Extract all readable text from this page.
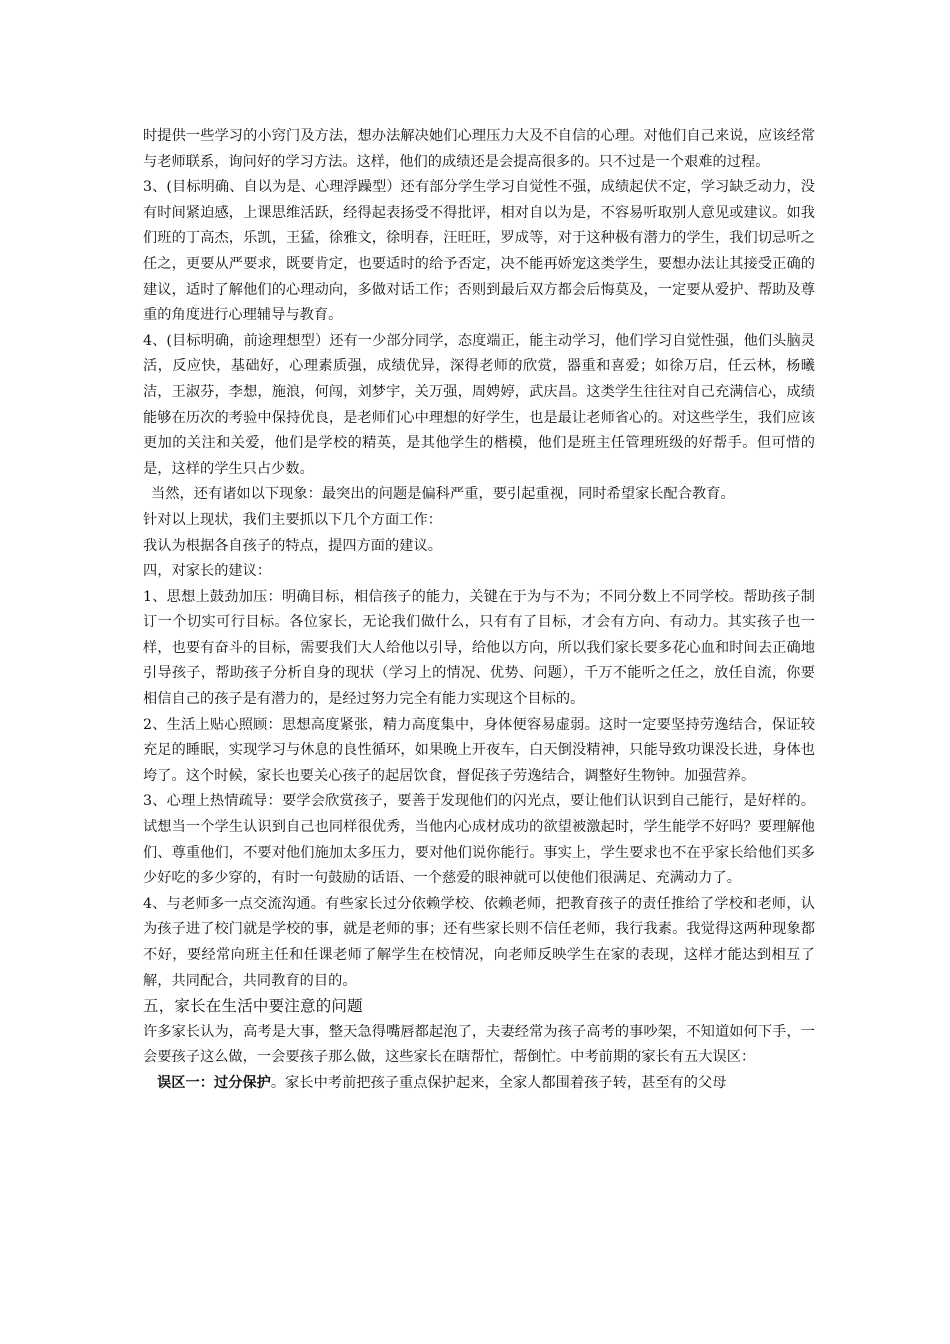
时提供一些学习的小窍门及方法，想办法解决她们心理压力大及不自信的心理。对他们自己来说，应该经常与老师联系，询问好的学习方法。这样，他们的成绩还是会提高很多的。只不过是一个艰难的过程。

3、(目标明确、自以为是、心理浮躁型）还有部分学生学习自觉性不强，成绩起伏不定，学习缺乏动力，没有时间紧迫感，上课思维活跃，经得起表扬受不得批评，相对自以为是，不容易听取别人意见或建议。如我们班的丁高杰，乐凯，王猛，徐雅文，徐明春，汪旺旺，罗成等，对于这种极有潜力的学生，我们切忌听之任之，更要从严要求，既要肯定，也要适时的给予否定，决不能再娇宠这类学生，要想办法让其接受正确的建议，适时了解他们的心理动向，多做对话工作；否则到最后双方都会后悔莫及，一定要从爱护、帮助及尊重的角度进行心理辅导与教育。

4、(目标明确，前途理想型）还有一少部分同学，态度端正，能主动学习，他们学习自觉性强，他们头脑灵活，反应快，基础好，心理素质强，成绩优异，深得老师的欣赏，器重和喜爱；如徐万启，任云林，杨曦洁，王淑芬，李想，施浪，何闯，刘梦宇，关万强，周娉婷，武庆昌。这类学生往往对自己充满信心，成绩能够在历次的考验中保持优良，是老师们心中理想的好学生，也是最让老师省心的。对这些学生，我们应该更加的关注和关爱，他们是学校的精英，是其他学生的楷模，他们是班主任管理班级的好帮手。但可惜的是，这样的学生只占少数。

当然，还有诸如以下现象：最突出的问题是偏科严重，要引起重视，同时希望家长配合教育。

针对以上现状，我们主要抓以下几个方面工作：

我认为根据各自孩子的特点，提四方面的建议。

四，对家长的建议：

1、思想上鼓劲加压：明确目标，相信孩子的能力，关键在于为与不为；不同分数上不同学校。帮助孩子制订一个切实可行目标。各位家长，无论我们做什么，只有有了目标，才会有方向、有动力。其实孩子也一样，也要有奋斗的目标，需要我们大人给他以引导，给他以方向，所以我们家长要多花心血和时间去正确地引导孩子，帮助孩子分析自身的现状（学习上的情况、优势、问题），千万不能听之任之，放任自流，你要相信自己的孩子是有潜力的，是经过努力完全有能力实现这个目标的。

2、生活上贴心照顾：思想高度紧张，精力高度集中，身体便容易虚弱。这时一定要坚持劳逸结合，保证较充足的睡眠，实现学习与休息的良性循环，如果晚上开夜车，白天倒没精神，只能导致功课没长进，身体也垮了。这个时候，家长也要关心孩子的起居饮食，督促孩子劳逸结合，调整好生物钟。加强营养。

3、心理上热情疏导：要学会欣赏孩子，要善于发现他们的闪光点，要让他们认识到自己能行，是好样的。试想当一个学生认识到自己也同样很优秀，当他内心成材成功的欲望被激起时，学生能学不好吗？要理解他们、尊重他们，不要对他们施加太多压力，要对他们说你能行。事实上，学生要求也不在乎家长给他们买多少好吃的多少穿的，有时一句鼓励的话语、一个慈爱的眼神就可以使他们很满足、充满动力了。

4、与老师多一点交流沟通。有些家长过分依赖学校、依赖老师，把教育孩子的责任推给了学校和老师，认为孩子进了校门就是学校的事，就是老师的事；还有些家长则不信任老师，我行我素。我觉得这两种现象都不好，要经常向班主任和任课老师了解学生在校情况，向老师反映学生在家的表现，这样才能达到相互了解，共同配合，共同教育的目的。

五，家长在生活中要注意的问题

许多家长认为，高考是大事，整天急得嘴唇都起泡了，夫妻经常为孩子高考的事吵架，不知道如何下手，一会要孩子这么做，一会要孩子那么做，这些家长在瞎帮忙，帮倒忙。中考前期的家长有五大误区：

误区一：过分保护。家长中考前把孩子重点保护起来，全家人都围着孩子转，甚至有的父母
